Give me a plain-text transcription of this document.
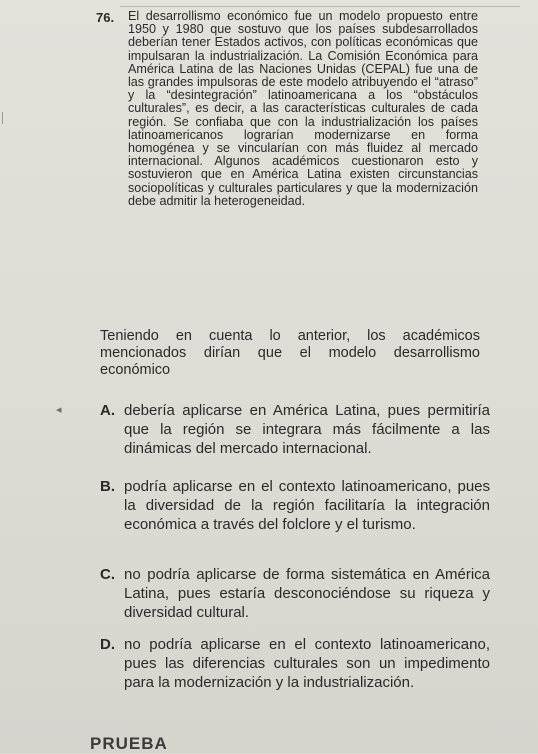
76. El desarrollismo económico fue un modelo propuesto entre 1950 y 1980 que sostuvo que los países subdesarrollados deberían tener Estados activos, con políticas económicas que impulsaran la industrialización. La Comisión Económica para América Latina de las Naciones Unidas (CEPAL) fue una de las grandes impulsoras de este modelo atribuyendo el “atraso” y la “desintegración” latinoamericana a los “obstáculos culturales”, es decir, a las características culturales de cada región. Se confiaba que con la industrialización los países latinoamericanos lograrían modernizarse en forma homogénea y se vincularían con más fluidez al mercado internacional. Algunos académicos cuestionaron esto y sostuvieron que en América Latina existen circunstancias sociopolíticas y culturales particulares y que la modernización debe admitir la heterogeneidad.
Teniendo en cuenta lo anterior, los académicos mencionados dirían que el modelo desarrollismo económico
◂	A. debería aplicarse en América Latina, pues permitiría que la región se integrara más fácilmente a las dinámicas del mercado internacional.
B. podría aplicarse en el contexto latinoamericano, pues la diversidad de la región facilitaría la integración económica a través del folclore y el turismo.
C. no podría aplicarse de forma sistemática en América Latina, pues estaría desconociéndose su riqueza y diversidad cultural.
D. no podría aplicarse en el contexto latinoamericano, pues las diferencias culturales son un impedimento para la modernización y la industrialización.
PRUEBA
